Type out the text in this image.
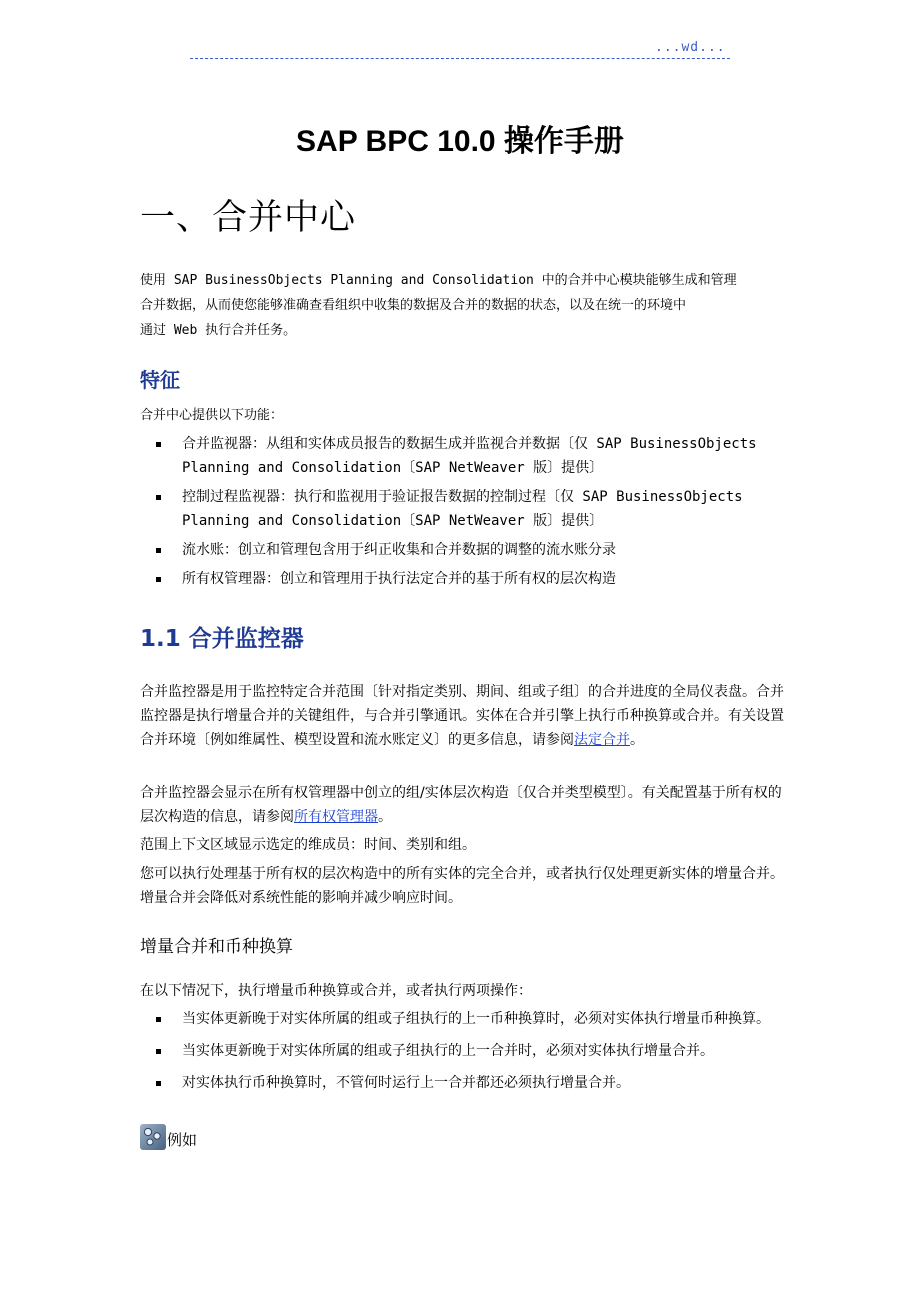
...wd...
SAP BPC 10.0 操作手册
一、合并中心
使用 SAP BusinessObjects Planning and Consolidation 中的合并中心模块能够生成和管理
合并数据，从而使您能够准确查看组织中收集的数据及合并的数据的状态，以及在统一的环境中
通过 Web 执行合并任务。
特征
合并中心提供以下功能：
合并监视器：从组和实体成员报告的数据生成并监视合并数据〔仅 SAP BusinessObjects
Planning and Consolidation〔SAP NetWeaver 版〕提供〕
控制过程监视器：执行和监视用于验证报告数据的控制过程〔仅 SAP BusinessObjects
Planning and Consolidation〔SAP NetWeaver 版〕提供〕
流水账：创立和管理包含用于纠正收集和合并数据的调整的流水账分录
所有权管理器：创立和管理用于执行法定合并的基于所有权的层次构造
1.1 合并监控器
合并监控器是用于监控特定合并范围〔针对指定类别、期间、组或子组〕的合并进度的全局仪表盘。合并监控器是执行增量合并的关键组件，与合并引擎通讯。实体在合并引擎上执行币种换算或合并。有关设置合并环境〔例如维属性、模型设置和流水账定义〕的更多信息，请参阅法定合并。
合并监控器会显示在所有权管理器中创立的组/实体层次构造〔仅合并类型模型〕。有关配置基于所有权的层次构造的信息，请参阅所有权管理器。
范围上下文区域显示选定的维成员：时间、类别和组。
您可以执行处理基于所有权的层次构造中的所有实体的完全合并，或者执行仅处理更新实体的增量合并。增量合并会降低对系统性能的影响并减少响应时间。
增量合并和币种换算
在以下情况下，执行增量币种换算或合并，或者执行两项操作：
当实体更新晚于对实体所属的组或子组执行的上一币种换算时，必须对实体执行增量币种换算。
当实体更新晚于对实体所属的组或子组执行的上一合并时，必须对实体执行增量合并。
对实体执行币种换算时，不管何时运行上一合并都还必须执行增量合并。
例如
